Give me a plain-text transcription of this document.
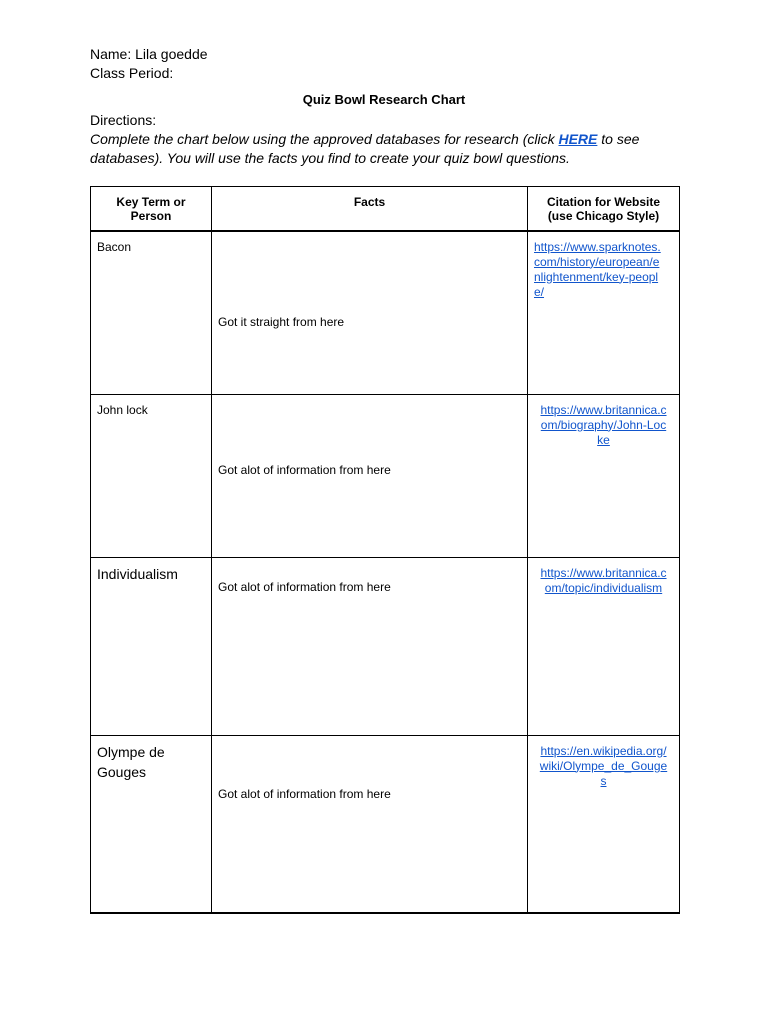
Name: Lila goedde
Class Period:
Quiz Bowl Research Chart
Directions:
Complete the chart below using the approved databases for research (click HERE to see
databases). You will use the facts you find to create your quiz bowl questions.
Key Term or
Person	Facts	Citation for Website
(use Chicago Style)

Bacon	Got it straight from here	https://www.sparknotes.
com/history/european/e
nlightenment/key-peopl
e/

John lock	Got alot of information from here	https://www.britannica.c
om/biography/John-Loc
ke

Individualism	Got alot of information from here	https://www.britannica.c
om/topic/individualism

Olympe de
Gouges	Got alot of information from here	https://en.wikipedia.org/
wiki/Olympe_de_Gouge
s
